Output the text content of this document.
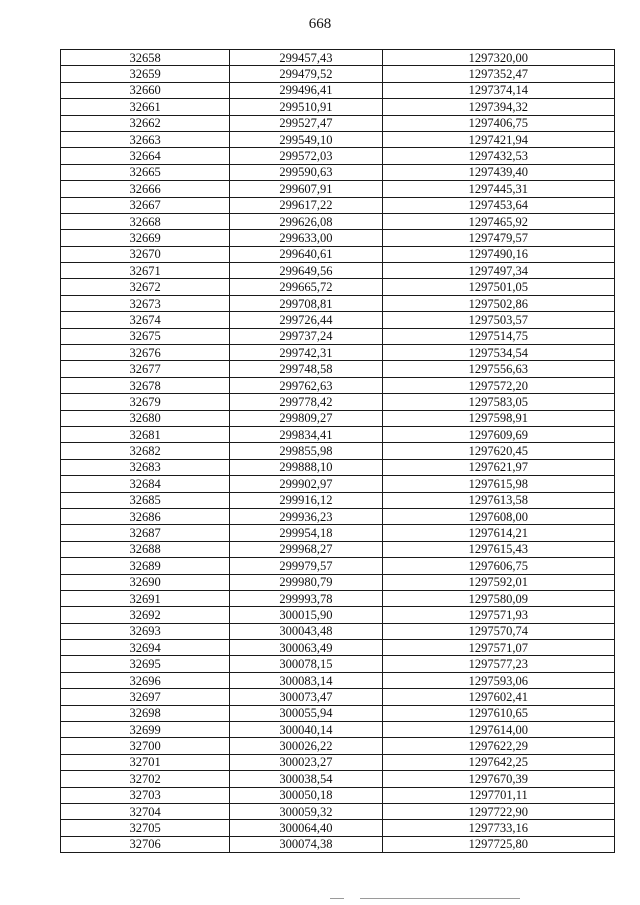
668
32658	299457,43	1297320,00
32659	299479,52	1297352,47
32660	299496,41	1297374,14
32661	299510,91	1297394,32
32662	299527,47	1297406,75
32663	299549,10	1297421,94
32664	299572,03	1297432,53
32665	299590,63	1297439,40
32666	299607,91	1297445,31
32667	299617,22	1297453,64
32668	299626,08	1297465,92
32669	299633,00	1297479,57
32670	299640,61	1297490,16
32671	299649,56	1297497,34
32672	299665,72	1297501,05
32673	299708,81	1297502,86
32674	299726,44	1297503,57
32675	299737,24	1297514,75
32676	299742,31	1297534,54
32677	299748,58	1297556,63
32678	299762,63	1297572,20
32679	299778,42	1297583,05
32680	299809,27	1297598,91
32681	299834,41	1297609,69
32682	299855,98	1297620,45
32683	299888,10	1297621,97
32684	299902,97	1297615,98
32685	299916,12	1297613,58
32686	299936,23	1297608,00
32687	299954,18	1297614,21
32688	299968,27	1297615,43
32689	299979,57	1297606,75
32690	299980,79	1297592,01
32691	299993,78	1297580,09
32692	300015,90	1297571,93
32693	300043,48	1297570,74
32694	300063,49	1297571,07
32695	300078,15	1297577,23
32696	300083,14	1297593,06
32697	300073,47	1297602,41
32698	300055,94	1297610,65
32699	300040,14	1297614,00
32700	300026,22	1297622,29
32701	300023,27	1297642,25
32702	300038,54	1297670,39
32703	300050,18	1297701,11
32704	300059,32	1297722,90
32705	300064,40	1297733,16
32706	300074,38	1297725,80
